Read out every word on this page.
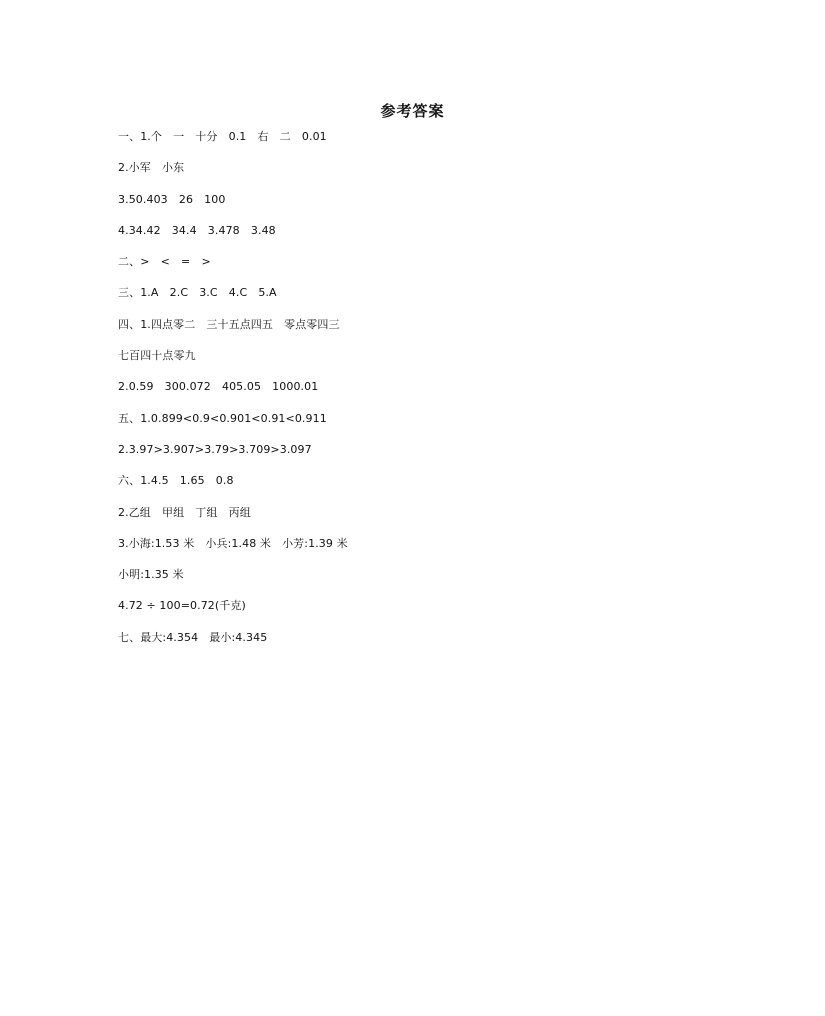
参考答案
一、1.个　一　十分　0.1　右　二　0.01
2.小军　小东
3.50.403　26　100
4.34.42　34.4　3.478　3.48
二、>　<　=　>
三、1.A　2.C　3.C　4.C　5.A
四、1.四点零二　三十五点四五　零点零四三
七百四十点零九
2.0.59　300.072　405.05　1000.01
五、1.0.899<0.9<0.901<0.91<0.911
2.3.97>3.907>3.79>3.709>3.097
六、1.4.5　1.65　0.8
2.乙组　甲组　丁组　丙组
3.小海:1.53 米　小兵:1.48 米　小芳:1.39 米
小明:1.35 米
4.72 ÷ 100=0.72(千克)
七、最大:4.354　最小:4.345
